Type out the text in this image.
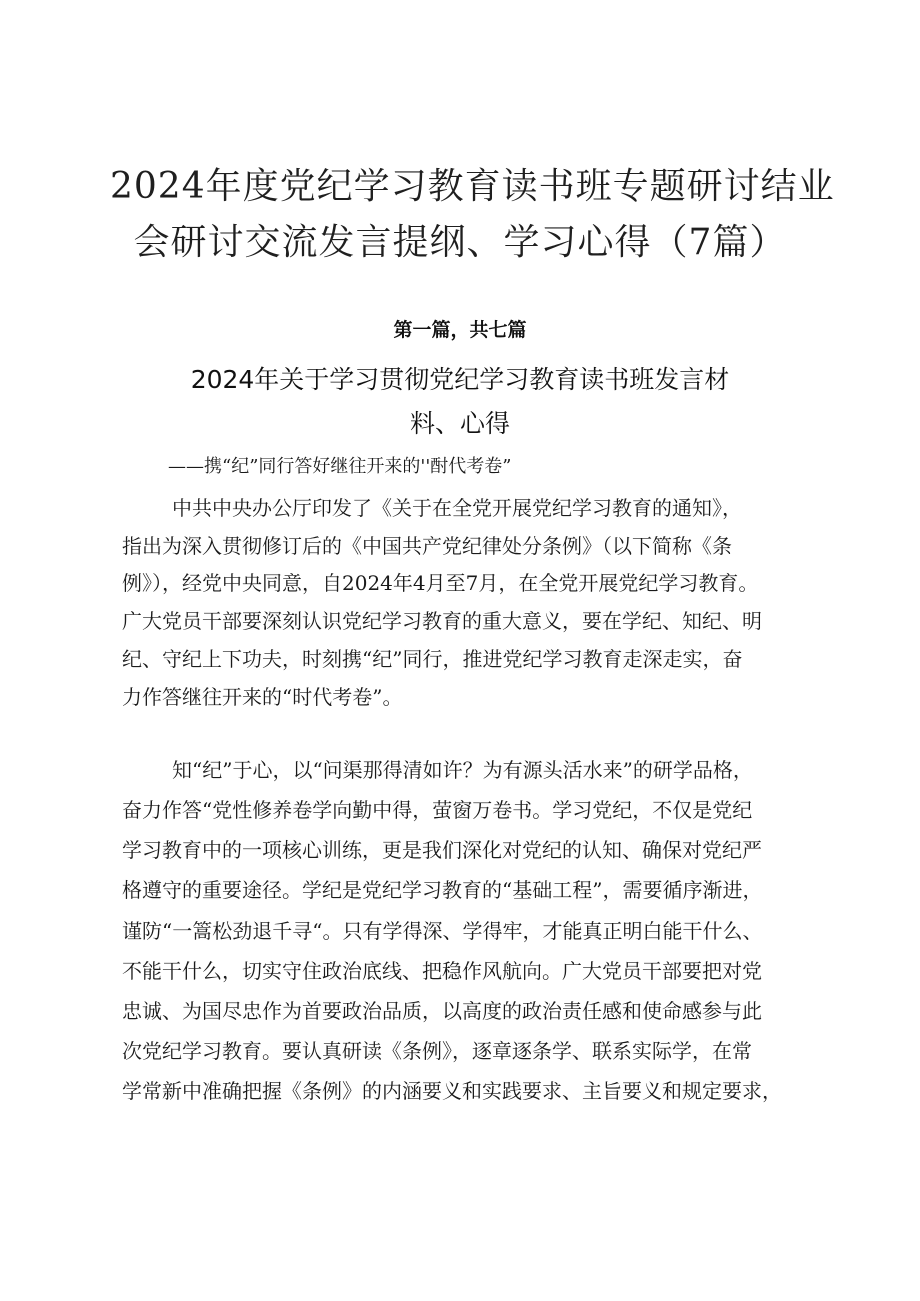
2024年度党纪学习教育读书班专题研讨结业
会研讨交流发言提纲、学习心得（7篇）
第一篇，共七篇
2024年关于学习贯彻党纪学习教育读书班发言材
料、心得
——携“纪”同行答好继往开来的''酎代考卷”
中共中央办公厅印发了《关于在全党开展党纪学习教育的通知》，
指出为深入贯彻修订后的《中国共产党纪律处分条例》（以下简称《条
例》），经党中央同意，自2024年4月至7月，在全党开展党纪学习教育。
广大党员干部要深刻认识党纪学习教育的重大意义，要在学纪、知纪、明
纪、守纪上下功夫，时刻携“纪”同行，推进党纪学习教育走深走实，奋
力作答继往开来的“时代考卷”。
知“纪”于心，以“问渠那得清如许？为有源头活水来”的研学品格，
奋力作答“党性修养卷学向勤中得，萤窗万卷书。学习党纪，不仅是党纪
学习教育中的一项核心训练，更是我们深化对党纪的认知、确保对党纪严
格遵守的重要途径。学纪是党纪学习教育的“基础工程”，需要循序渐进，
谨防“一篙松劲退千寻“。只有学得深、学得牢，才能真正明白能干什么、
不能干什么，切实守住政治底线、把稳作风航向。广大党员干部要把对党
忠诚、为国尽忠作为首要政治品质，以高度的政治责任感和使命感参与此
次党纪学习教育。要认真研读《条例》，逐章逐条学、联系实际学，在常
学常新中准确把握《条例》的内涵要义和实践要求、主旨要义和规定要求，
